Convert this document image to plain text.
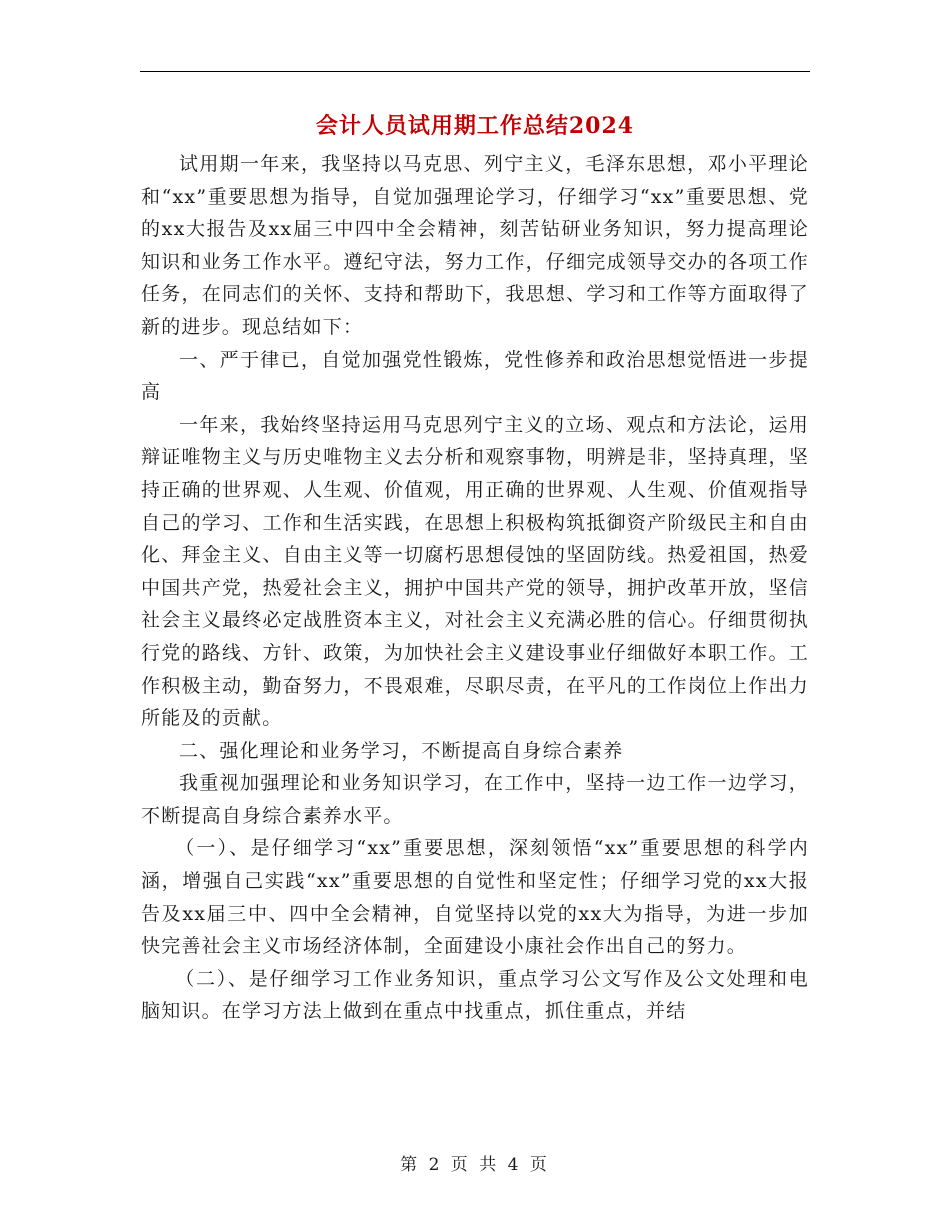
会计人员试用期工作总结2024

试用期一年来，我坚持以马克思、列宁主义，毛泽东思想，邓小平理论和“xx”重要思想为指导，自觉加强理论学习，仔细学习“xx”重要思想、党的xx大报告及xx届三中四中全会精神，刻苦钻研业务知识，努力提高理论知识和业务工作水平。遵纪守法，努力工作，仔细完成领导交办的各项工作任务，在同志们的关怀、支持和帮助下，我思想、学习和工作等方面取得了新的进步。现总结如下：

一、严于律已，自觉加强党性锻炼，党性修养和政治思想觉悟进一步提高

一年来，我始终坚持运用马克思列宁主义的立场、观点和方法论，运用辩证唯物主义与历史唯物主义去分析和观察事物，明辨是非，坚持真理，坚持正确的世界观、人生观、价值观，用正确的世界观、人生观、价值观指导自己的学习、工作和生活实践，在思想上积极构筑抵御资产阶级民主和自由化、拜金主义、自由主义等一切腐朽思想侵蚀的坚固防线。热爱祖国，热爱中国共产党，热爱社会主义，拥护中国共产党的领导，拥护改革开放，坚信社会主义最终必定战胜资本主义，对社会主义充满必胜的信心。仔细贯彻执行党的路线、方针、政策，为加快社会主义建设事业仔细做好本职工作。工作积极主动，勤奋努力，不畏艰难，尽职尽责，在平凡的工作岗位上作出力所能及的贡献。

二、强化理论和业务学习，不断提高自身综合素养

我重视加强理论和业务知识学习，在工作中，坚持一边工作一边学习，不断提高自身综合素养水平。

（一）、是仔细学习“xx”重要思想，深刻领悟“xx”重要思想的科学内涵，增强自己实践“xx”重要思想的自觉性和坚定性；仔细学习党的xx大报告及xx届三中、四中全会精神，自觉坚持以党的xx大为指导，为进一步加快完善社会主义市场经济体制，全面建设小康社会作出自己的努力。

（二）、是仔细学习工作业务知识，重点学习公文写作及公文处理和电脑知识。在学习方法上做到在重点中找重点，抓住重点，并结

第 2 页 共 4 页
